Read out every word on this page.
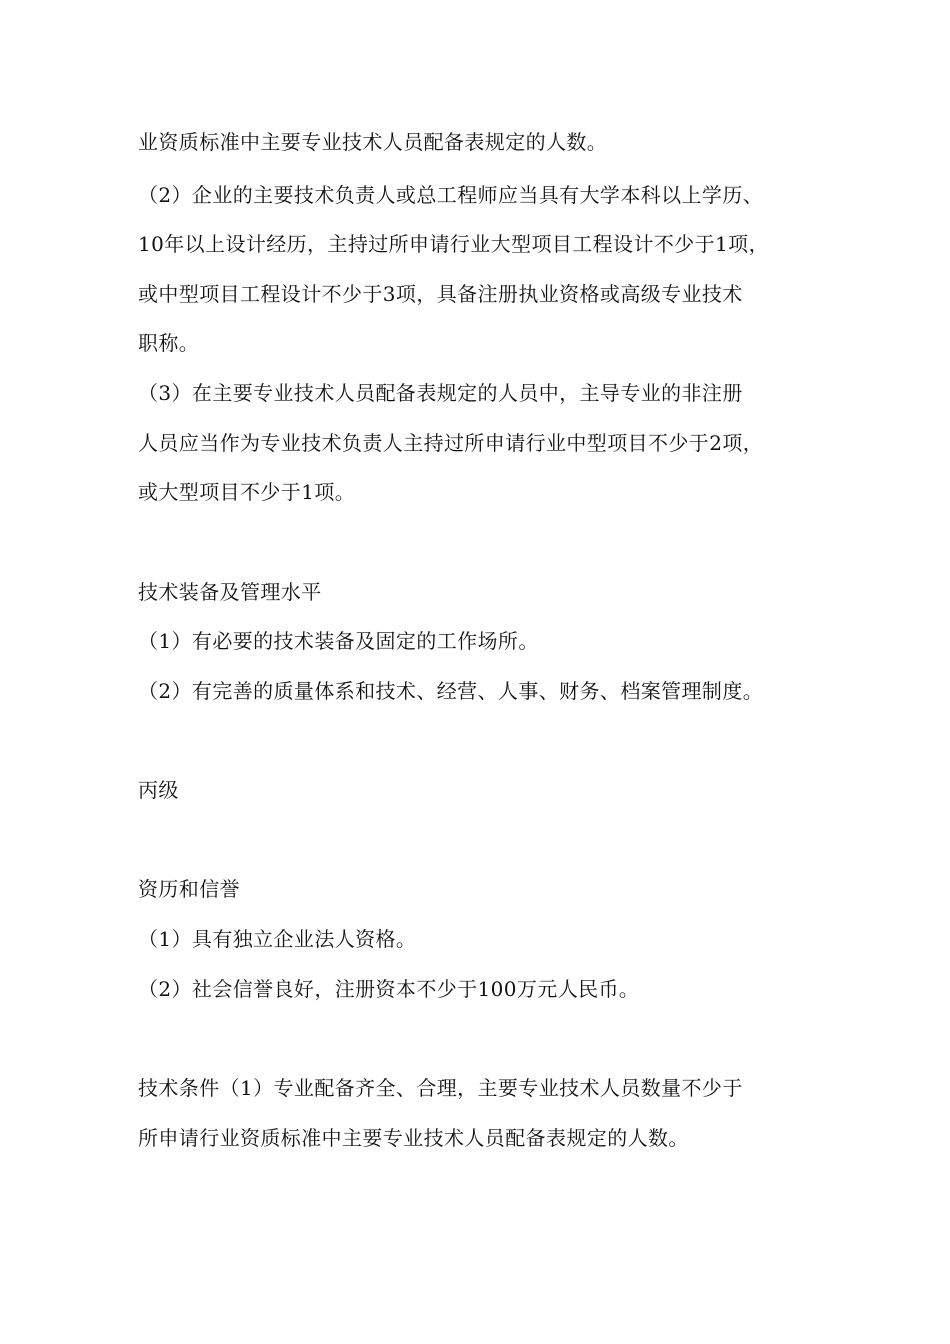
业资质标准中主要专业技术人员配备表规定的人数。
（2）企业的主要技术负责人或总工程师应当具有大学本科以上学历、
10年以上设计经历，主持过所申请行业大型项目工程设计不少于1项，
或中型项目工程设计不少于3项，具备注册执业资格或高级专业技术
职称。
（3）在主要专业技术人员配备表规定的人员中，主导专业的非注册
人员应当作为专业技术负责人主持过所申请行业中型项目不少于2项，
或大型项目不少于1项。
技术装备及管理水平
（1）有必要的技术装备及固定的工作场所。
（2）有完善的质量体系和技术、经营、人事、财务、档案管理制度。
丙级
资历和信誉
（1）具有独立企业法人资格。
（2）社会信誉良好，注册资本不少于100万元人民币。
技术条件（1）专业配备齐全、合理，主要专业技术人员数量不少于
所申请行业资质标准中主要专业技术人员配备表规定的人数。
